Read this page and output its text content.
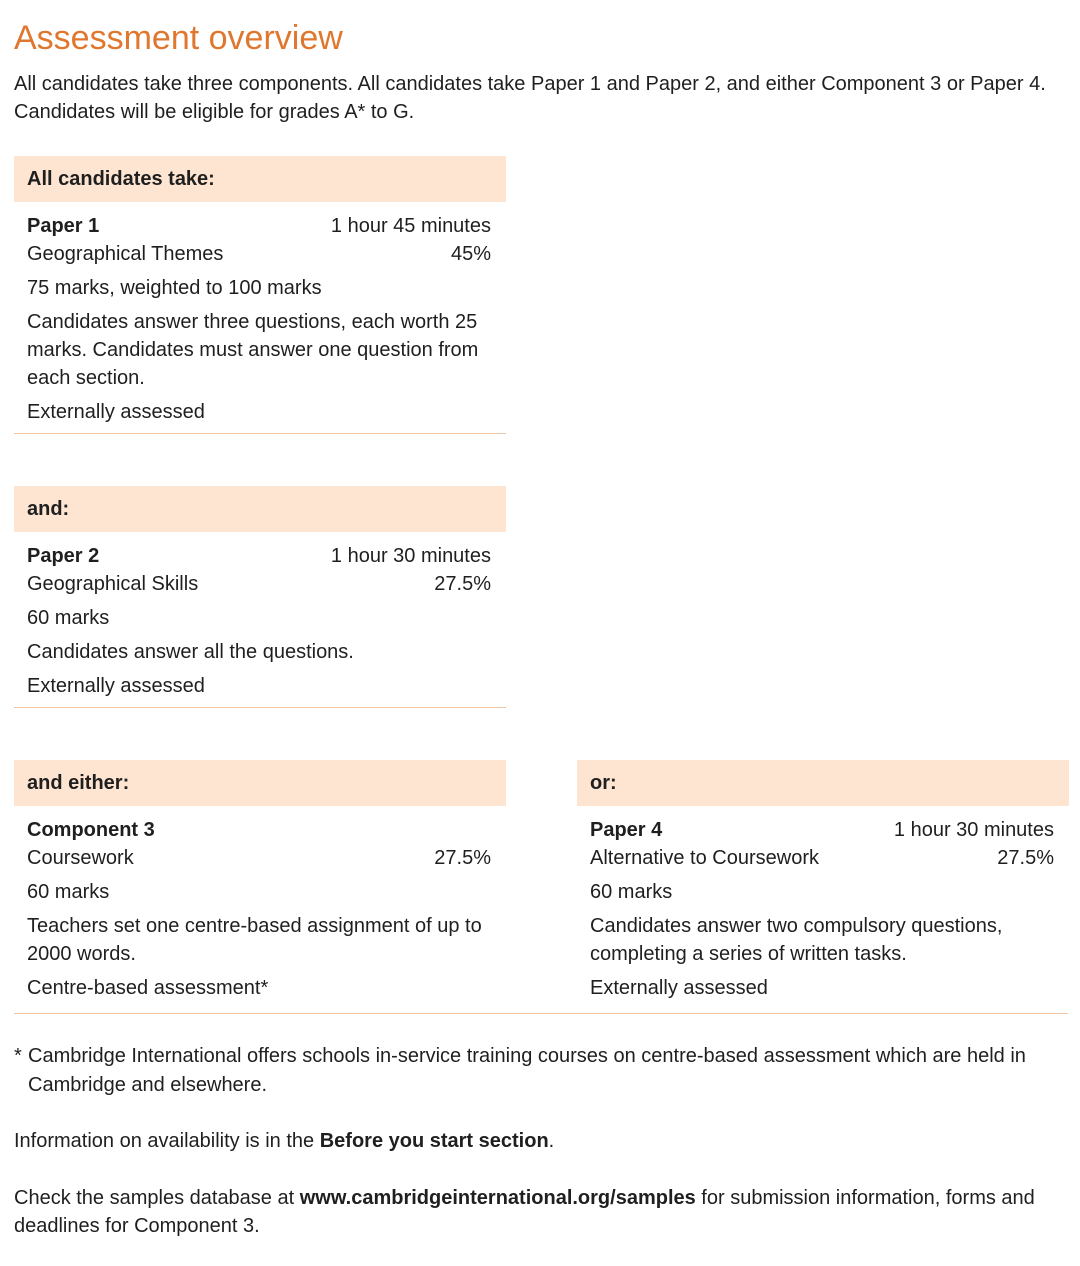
Assessment overview

All candidates take three components. All candidates take Paper 1 and Paper 2, and either Component 3 or Paper 4. Candidates will be eligible for grades A* to G.

All candidates take:
Paper 1	1 hour 45 minutes
Geographical Themes	45%
75 marks, weighted to 100 marks
Candidates answer three questions, each worth 25 marks. Candidates must answer one question from each section.
Externally assessed
and:
Paper 2	1 hour 30 minutes
Geographical Skills	27.5%
60 marks
Candidates answer all the questions.
Externally assessed
and either:
Component 3
Coursework	27.5%
60 marks
Teachers set one centre-based assignment of up to 2000 words.
Centre-based assessment*
or:
Paper 4	1 hour 30 minutes
Alternative to Coursework	27.5%
60 marks
Candidates answer two compulsory questions, completing a series of written tasks.
Externally assessed
* Cambridge International offers schools in-service training courses on centre-based assessment which are held in Cambridge and elsewhere.

Information on availability is in the Before you start section.

Check the samples database at www.cambridgeinternational.org/samples for submission information, forms and deadlines for Component 3.
